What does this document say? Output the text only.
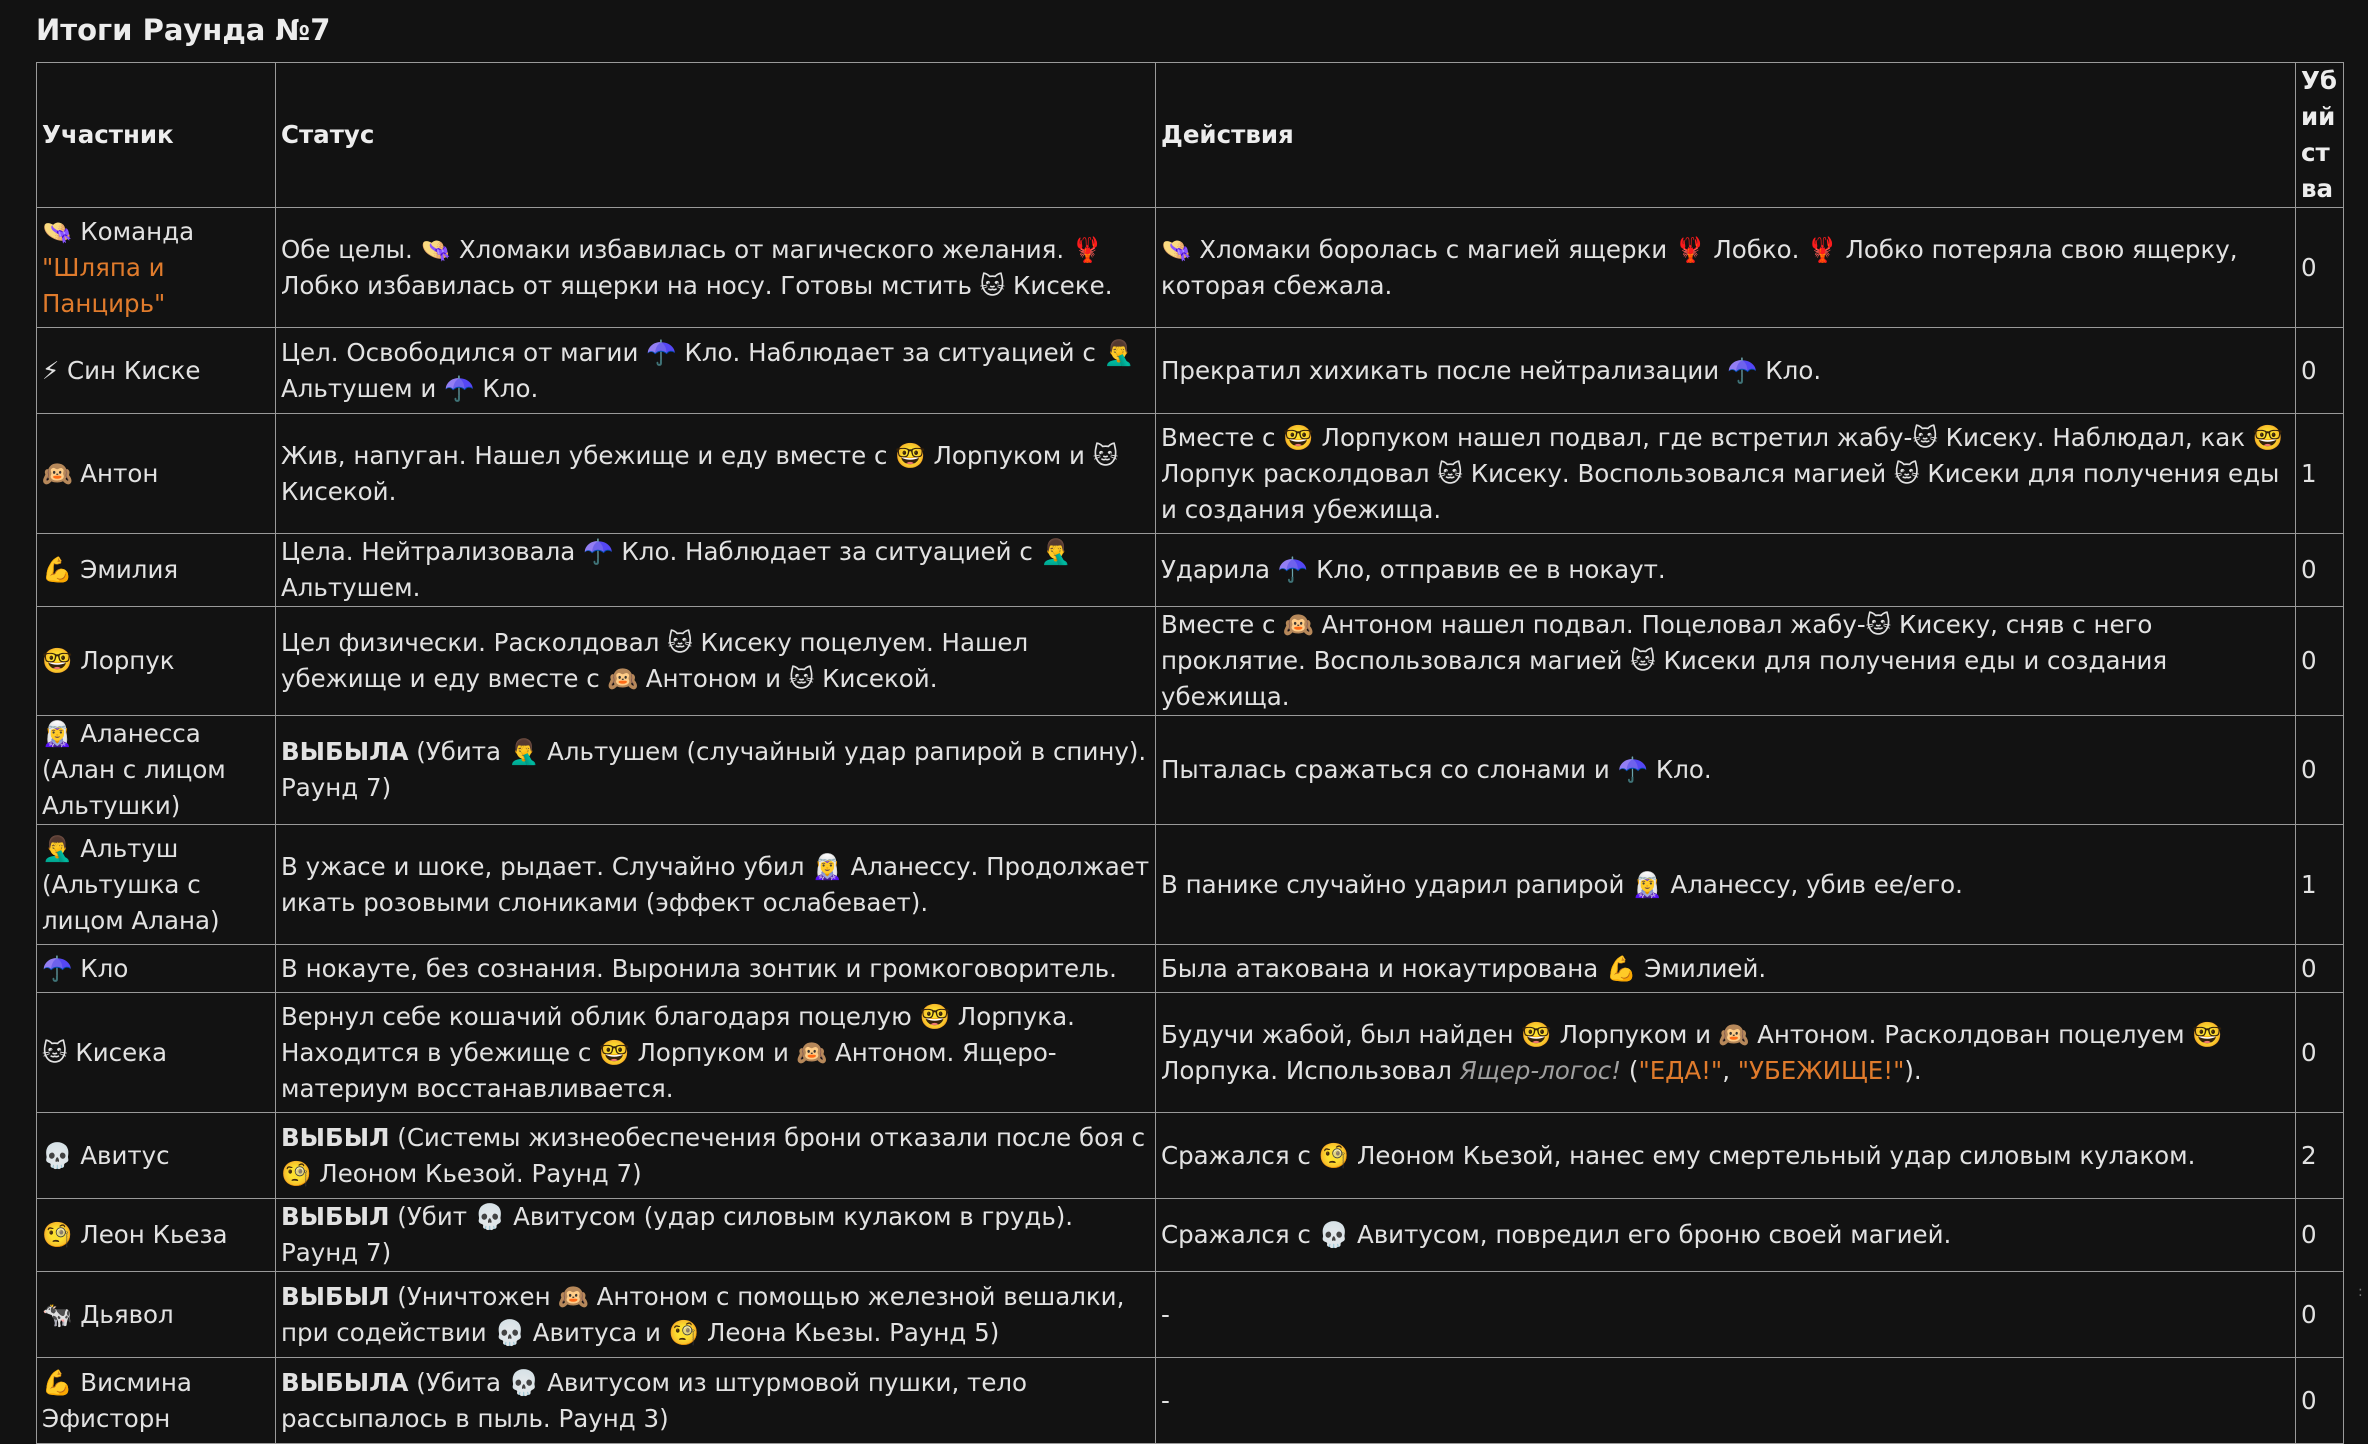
Итоги Раунда №7
Участник	Статус	Действия	Убийства
👒 Команда "Шляпа и Панцирь"	Обе целы. 👒 Хломаки избавилась от магического желания. 🦞 Лобко избавилась от ящерки на носу. Готовы мстить 🐱 Кисеке.	👒 Хломаки боролась с магией ящерки 🦞 Лобко. 🦞 Лобко потеряла свою ящерку, которая сбежала.	0
⚡ Син Киске	Цел. Освободился от магии ☂️ Кло. Наблюдает за ситуацией с 🤦‍♂️ Альтушем и ☂️ Кло.	Прекратил хихикать после нейтрализации ☂️ Кло.	0
🙉 Антон	Жив, напуган. Нашел убежище и еду вместе с 🤓 Лорпуком и 🐱 Кисекой.	Вместе с 🤓 Лорпуком нашел подвал, где встретил жабу-🐱 Кисеку. Наблюдал, как 🤓 Лорпук расколдовал 🐱 Кисеку. Воспользовался магией 🐱 Кисеки для получения еды и создания убежища.	1
💪 Эмилия	Цела. Нейтрализовала ☂️ Кло. Наблюдает за ситуацией с 🤦‍♂️ Альтушем.	Ударила ☂️ Кло, отправив ее в нокаут.	0
🤓 Лорпук	Цел физически. Расколдовал 🐱 Кисеку поцелуем. Нашел убежище и еду вместе с 🙉 Антоном и 🐱 Кисекой.	Вместе с 🙉 Антоном нашел подвал. Поцеловал жабу-🐱 Кисеку, сняв с него проклятие. Воспользовался магией 🐱 Кисеки для получения еды и создания убежища.	0
🧝‍♀️ Аланесса (Алан с лицом Альтушки)	ВЫБЫЛА (Убита 🤦‍♂️ Альтушем (случайный удар рапирой в спину). Раунд 7)	Пыталась сражаться со слонами и ☂️ Кло.	0
🤦‍♂️ Альтуш (Альтушка с лицом Алана)	В ужасе и шоке, рыдает. Случайно убил 🧝‍♀️ Аланессу. Продолжает икать розовыми слониками (эффект ослабевает).	В панике случайно ударил рапирой 🧝‍♀️ Аланессу, убив ее/его.	1
☂️ Кло	В нокауте, без сознания. Выронила зонтик и громкоговоритель.	Была атакована и нокаутирована 💪 Эмилией.	0
🐱 Кисека	Вернул себе кошачий облик благодаря поцелую 🤓 Лорпука. Находится в убежище с 🤓 Лорпуком и 🙉 Антоном. Ящеро-материум восстанавливается.	Будучи жабой, был найден 🤓 Лорпуком и 🙉 Антоном. Расколдован поцелуем 🤓 Лорпука. Использовал Ящер-логос! ("ЕДА!", "УБЕЖИЩЕ!").	0
💀 Авитус	ВЫБЫЛ (Системы жизнеобеспечения брони отказали после боя с 🧐 Леоном Кьезой. Раунд 7)	Сражался с 🧐 Леоном Кьезой, нанес ему смертельный удар силовым кулаком.	2
🧐 Леон Кьеза	ВЫБЫЛ (Убит 💀 Авитусом (удар силовым кулаком в грудь). Раунд 7)	Сражался с 💀 Авитусом, повредил его броню своей магией.	0
🐄 Дьявол	ВЫБЫЛ (Уничтожен 🙉 Антоном с помощью железной вешалки, при содействии 💀 Авитуса и 🧐 Леона Кьезы. Раунд 5)	-	0
💪 Висмина Эфисторн	ВЫБЫЛА (Убита 💀 Авитусом из штурмовой пушки, тело рассыпалось в пыль. Раунд 3)	-	0
:
